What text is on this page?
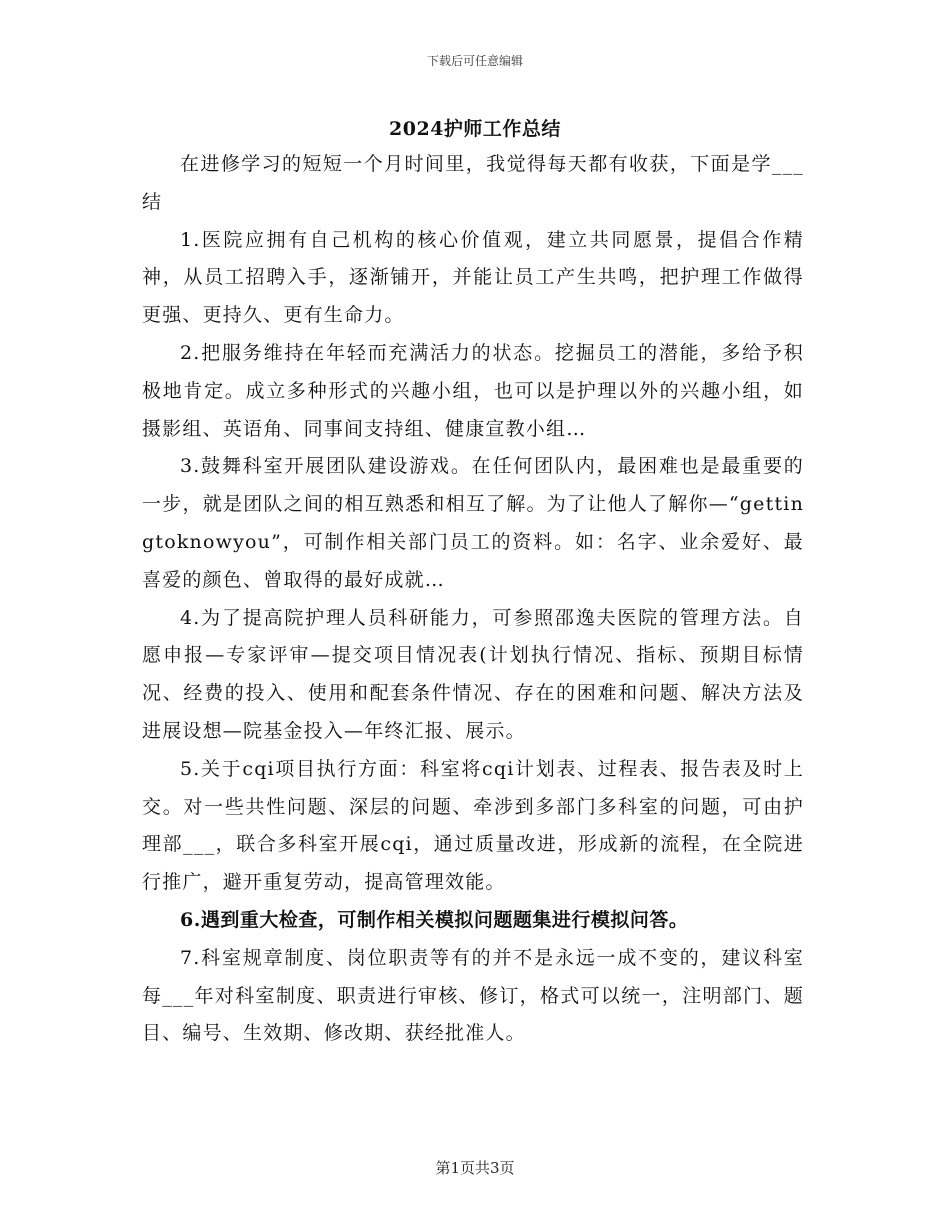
下载后可任意编辑
2024护师工作总结

在进修学习的短短一个月时间里，我觉得每天都有收获，下面是学___结

1.医院应拥有自己机构的核心价值观，建立共同愿景，提倡合作精神，从员工招聘入手，逐渐铺开，并能让员工产生共鸣，把护理工作做得更强、更持久、更有生命力。

2.把服务维持在年轻而充满活力的状态。挖掘员工的潜能，多给予积极地肯定。成立多种形式的兴趣小组，也可以是护理以外的兴趣小组，如摄影组、英语角、同事间支持组、健康宣教小组…

3.鼓舞科室开展团队建设游戏。在任何团队内，最困难也是最重要的一步，就是团队之间的相互熟悉和相互了解。为了让他人了解你—“gettingtoknowyou”，可制作相关部门员工的资料。如：名字、业余爱好、最喜爱的颜色、曾取得的最好成就…

4.为了提高院护理人员科研能力，可参照邵逸夫医院的管理方法。自愿申报—专家评审—提交项目情况表(计划执行情况、指标、预期目标情况、经费的投入、使用和配套条件情况、存在的困难和问题、解决方法及进展设想—院基金投入—年终汇报、展示。

5.关于cqi项目执行方面：科室将cqi计划表、过程表、报告表及时上交。对一些共性问题、深层的问题、牵涉到多部门多科室的问题，可由护理部___，联合多科室开展cqi，通过质量改进，形成新的流程，在全院进行推广，避开重复劳动，提高管理效能。

6.遇到重大检查，可制作相关模拟问题题集进行模拟问答。

7.科室规章制度、岗位职责等有的并不是永远一成不变的，建议科室每___年对科室制度、职责进行审核、修订，格式可以统一，注明部门、题目、编号、生效期、修改期、获经批准人。

第1页共3页
